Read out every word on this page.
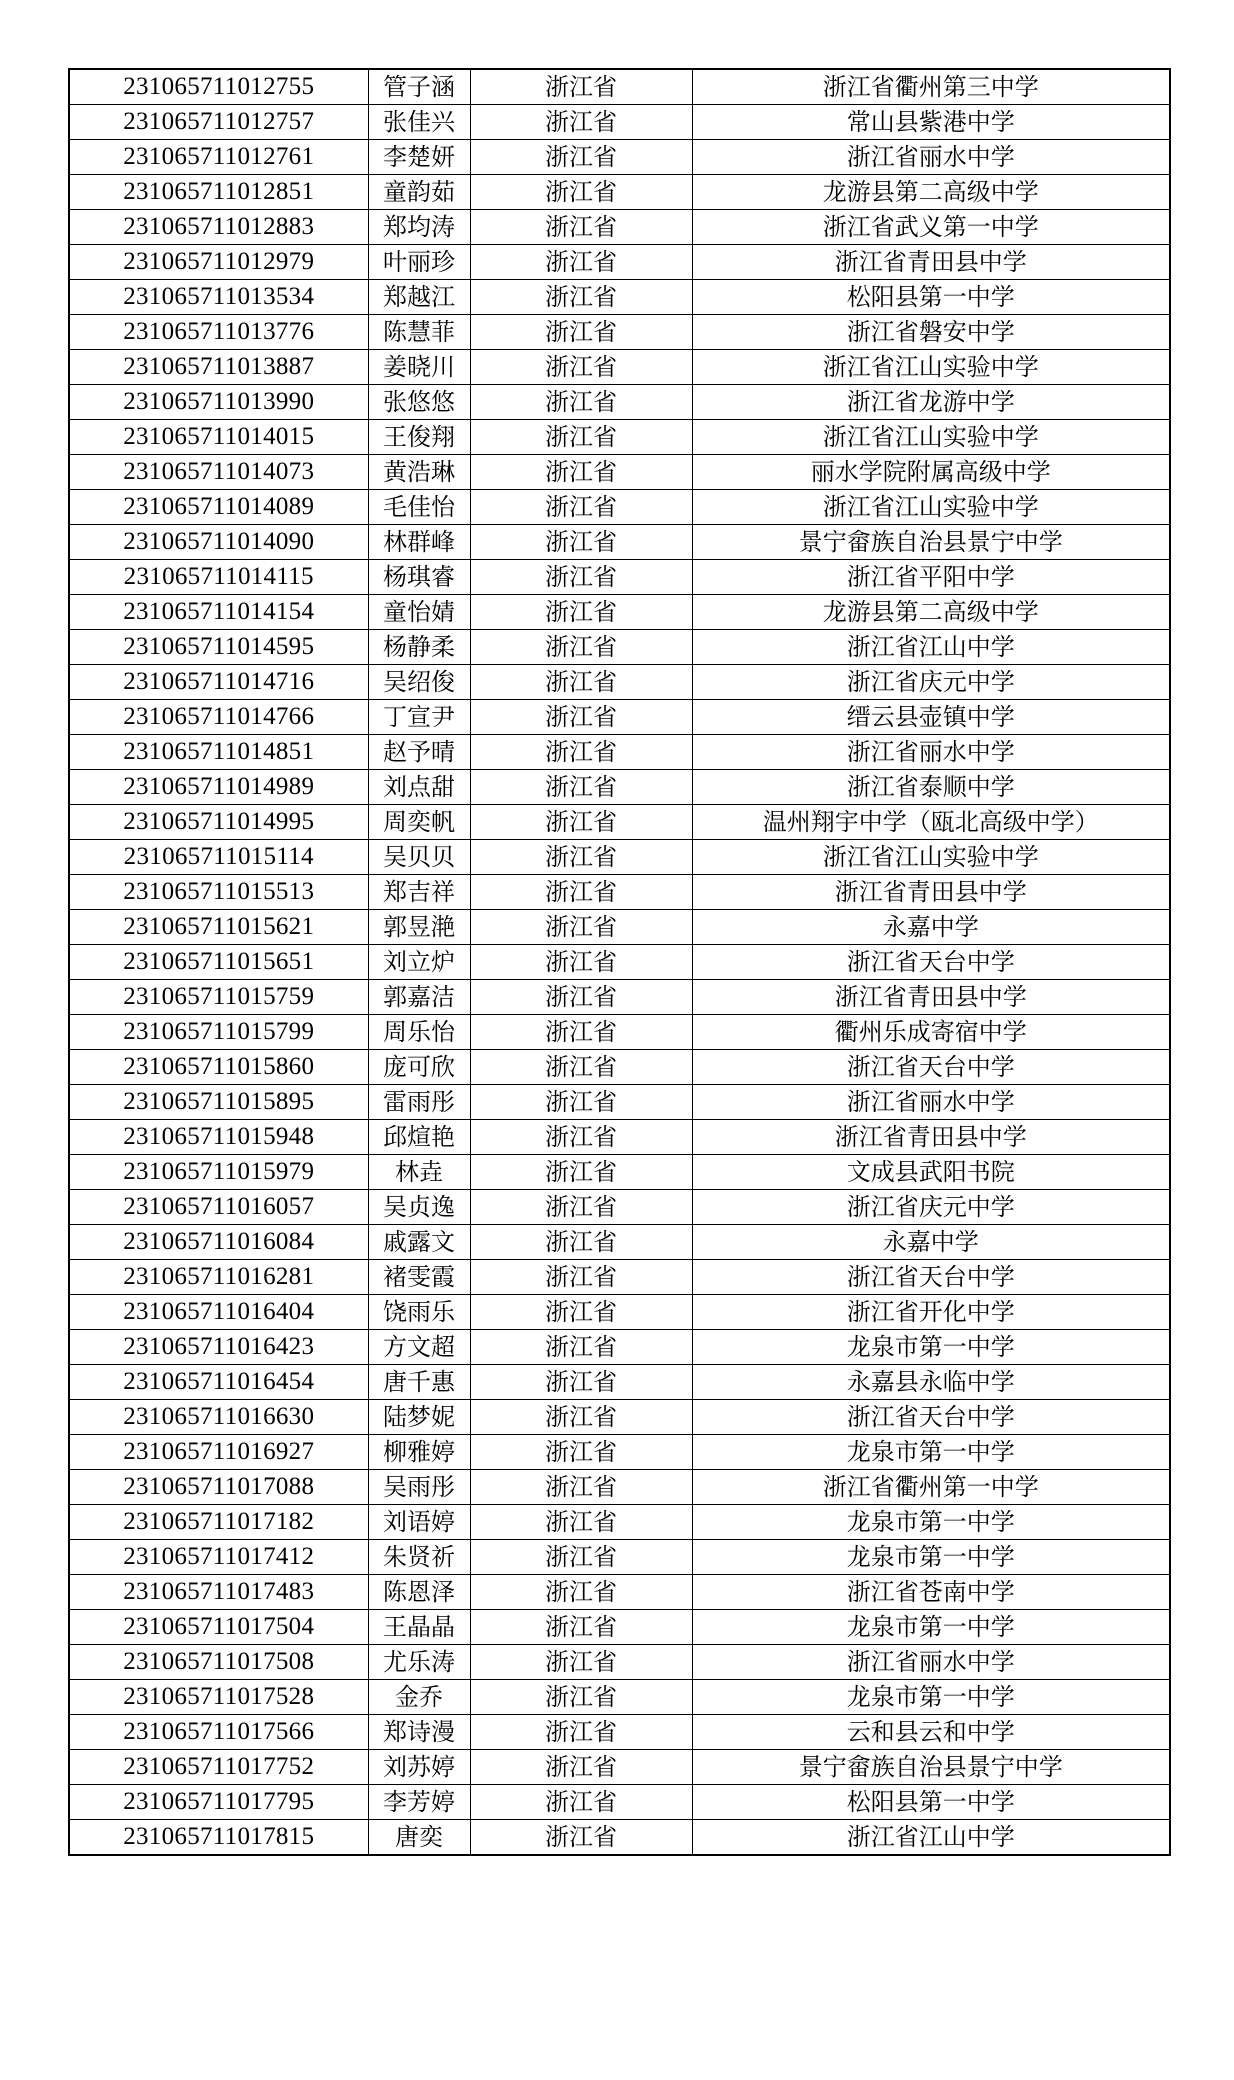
231065711012755	管子涵	浙江省	浙江省衢州第三中学
231065711012757	张佳兴	浙江省	常山县紫港中学
231065711012761	李楚妍	浙江省	浙江省丽水中学
231065711012851	童韵茹	浙江省	龙游县第二高级中学
231065711012883	郑均涛	浙江省	浙江省武义第一中学
231065711012979	叶丽珍	浙江省	浙江省青田县中学
231065711013534	郑越江	浙江省	松阳县第一中学
231065711013776	陈慧菲	浙江省	浙江省磐安中学
231065711013887	姜晓川	浙江省	浙江省江山实验中学
231065711013990	张悠悠	浙江省	浙江省龙游中学
231065711014015	王俊翔	浙江省	浙江省江山实验中学
231065711014073	黄浩琳	浙江省	丽水学院附属高级中学
231065711014089	毛佳怡	浙江省	浙江省江山实验中学
231065711014090	林群峰	浙江省	景宁畲族自治县景宁中学
231065711014115	杨琪睿	浙江省	浙江省平阳中学
231065711014154	童怡婧	浙江省	龙游县第二高级中学
231065711014595	杨静柔	浙江省	浙江省江山中学
231065711014716	吴绍俊	浙江省	浙江省庆元中学
231065711014766	丁宣尹	浙江省	缙云县壶镇中学
231065711014851	赵予晴	浙江省	浙江省丽水中学
231065711014989	刘点甜	浙江省	浙江省泰顺中学
231065711014995	周奕帆	浙江省	温州翔宇中学（瓯北高级中学）
231065711015114	吴贝贝	浙江省	浙江省江山实验中学
231065711015513	郑吉祥	浙江省	浙江省青田县中学
231065711015621	郭昱滟	浙江省	永嘉中学
231065711015651	刘立炉	浙江省	浙江省天台中学
231065711015759	郭嘉洁	浙江省	浙江省青田县中学
231065711015799	周乐怡	浙江省	衢州乐成寄宿中学
231065711015860	庞可欣	浙江省	浙江省天台中学
231065711015895	雷雨彤	浙江省	浙江省丽水中学
231065711015948	邱煊艳	浙江省	浙江省青田县中学
231065711015979	林垚	浙江省	文成县武阳书院
231065711016057	吴贞逸	浙江省	浙江省庆元中学
231065711016084	戚露文	浙江省	永嘉中学
231065711016281	褚雯霞	浙江省	浙江省天台中学
231065711016404	饶雨乐	浙江省	浙江省开化中学
231065711016423	方文超	浙江省	龙泉市第一中学
231065711016454	唐千惠	浙江省	永嘉县永临中学
231065711016630	陆梦妮	浙江省	浙江省天台中学
231065711016927	柳雅婷	浙江省	龙泉市第一中学
231065711017088	吴雨彤	浙江省	浙江省衢州第一中学
231065711017182	刘语婷	浙江省	龙泉市第一中学
231065711017412	朱贤祈	浙江省	龙泉市第一中学
231065711017483	陈恩泽	浙江省	浙江省苍南中学
231065711017504	王晶晶	浙江省	龙泉市第一中学
231065711017508	尤乐涛	浙江省	浙江省丽水中学
231065711017528	金乔	浙江省	龙泉市第一中学
231065711017566	郑诗漫	浙江省	云和县云和中学
231065711017752	刘苏婷	浙江省	景宁畲族自治县景宁中学
231065711017795	李芳婷	浙江省	松阳县第一中学
231065711017815	唐奕	浙江省	浙江省江山中学
